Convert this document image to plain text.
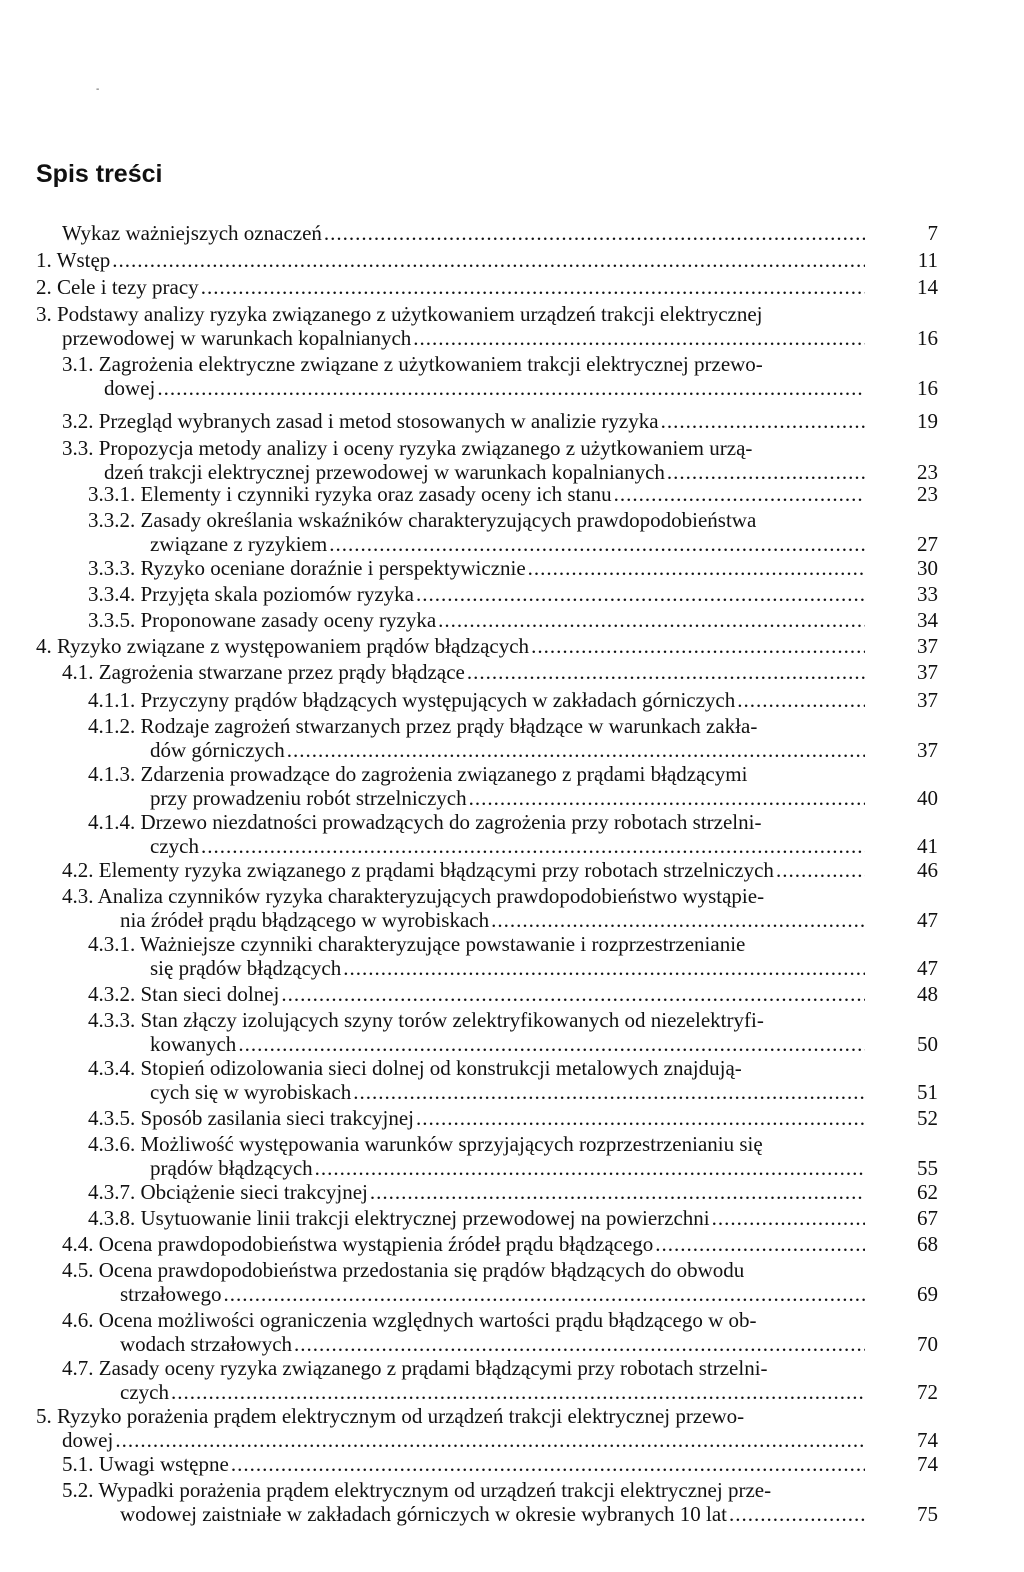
-
Spis treści
Wykaz ważniejszych oznaczeń .....	7
1. Wstęp .....	11
2. Cele i tezy pracy .....	14
3. Podstawy analizy ryzyka związanego z użytkowaniem urządzeń trakcji elektrycznej
przewodowej w warunkach kopalnianych .....	16
3.1. Zagrożenia elektryczne związane z użytkowaniem trakcji elektrycznej przewo-
dowej .....	16
3.2. Przegląd wybranych zasad i metod stosowanych w analizie ryzyka .....	19
3.3. Propozycja metody analizy i oceny ryzyka związanego z użytkowaniem urzą-
dzeń trakcji elektrycznej przewodowej w warunkach kopalnianych .....	23
3.3.1. Elementy i czynniki ryzyka oraz zasady oceny ich stanu .....	23
3.3.2. Zasady określania wskaźników charakteryzujących prawdopodobieństwa
związane z ryzykiem .....	27
3.3.3. Ryzyko oceniane doraźnie i perspektywicznie .....	30
3.3.4. Przyjęta skala poziomów ryzyka .....	33
3.3.5. Proponowane zasady oceny ryzyka .....	34
4. Ryzyko związane z występowaniem prądów błądzących .....	37
4.1. Zagrożenia stwarzane przez prądy błądzące .....	37
4.1.1. Przyczyny prądów błądzących występujących w zakładach górniczych .....	37
4.1.2. Rodzaje zagrożeń stwarzanych przez prądy błądzące w warunkach zakła-
dów górniczych .....	37
4.1.3. Zdarzenia prowadzące do zagrożenia związanego z prądami błądzącymi
przy prowadzeniu robót strzelniczych .....	40
4.1.4. Drzewo niezdatności prowadzących do zagrożenia przy robotach strzelni-
czych .....	41
4.2. Elementy ryzyka związanego z prądami błądzącymi przy robotach strzelniczych .....	46
4.3. Analiza czynników ryzyka charakteryzujących prawdopodobieństwo wystąpie-
nia źródeł prądu błądzącego w wyrobiskach .....	47
4.3.1. Ważniejsze czynniki charakteryzujące powstawanie i rozprzestrzenianie
się prądów błądzących .....	47
4.3.2. Stan sieci dolnej .....	48
4.3.3. Stan złączy izolujących szyny torów zelektryfikowanych od niezelektryfi-
kowanych .....	50
4.3.4. Stopień odizolowania sieci dolnej od konstrukcji metalowych znajdują-
cych się w wyrobiskach .....	51
4.3.5. Sposób zasilania sieci trakcyjnej .....	52
4.3.6. Możliwość występowania warunków sprzyjających rozprzestrzenianiu się
prądów błądzących .....	55
4.3.7. Obciążenie sieci trakcyjnej .....	62
4.3.8. Usytuowanie linii trakcji elektrycznej przewodowej na powierzchni .....	67
4.4. Ocena prawdopodobieństwa wystąpienia źródeł prądu błądzącego .....	68
4.5. Ocena prawdopodobieństwa przedostania się prądów błądzących do obwodu
strzałowego .....	69
4.6. Ocena możliwości ograniczenia względnych wartości prądu błądzącego w ob-
wodach strzałowych .....	70
4.7. Zasady oceny ryzyka związanego z prądami błądzącymi przy robotach strzelni-
czych .....	72
5. Ryzyko porażenia prądem elektrycznym od urządzeń trakcji elektrycznej przewo-
dowej .....	74
5.1. Uwagi wstępne .....	74
5.2. Wypadki porażenia prądem elektrycznym od urządzeń trakcji elektrycznej prze-
wodowej zaistniałe w zakładach górniczych w okresie wybranych 10 lat .....	75
